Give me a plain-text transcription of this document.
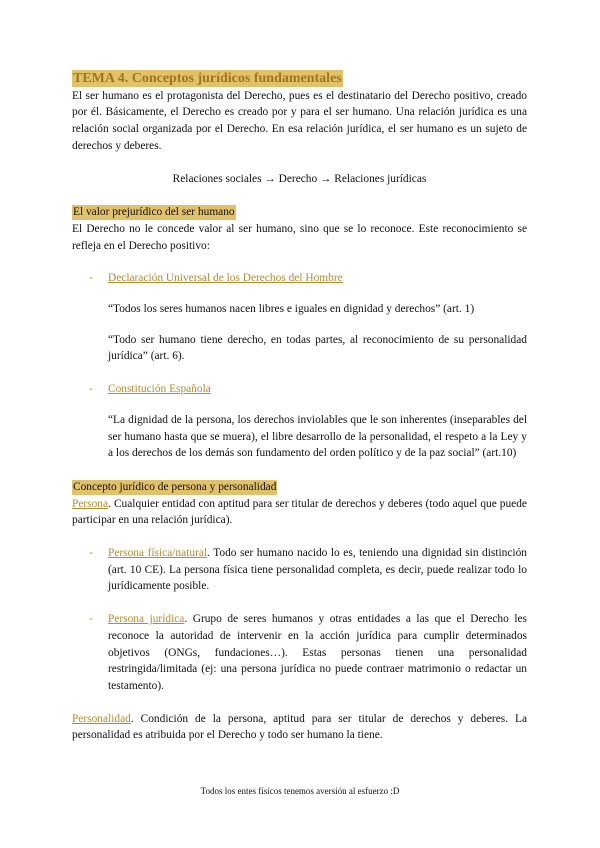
TEMA 4. Conceptos jurídicos fundamentales

El ser humano es el protagonista del Derecho, pues es el destinatario del Derecho positivo, creado por él. Básicamente, el Derecho es creado por y para el ser humano. Una relación jurídica es una relación social organizada por el Derecho. En esa relación jurídica, el ser humano es un sujeto de derechos y deberes.

Relaciones sociales → Derecho → Relaciones jurídicas

El valor prejurídico del ser humano

El Derecho no le concede valor al ser humano, sino que se lo reconoce. Este reconocimiento se refleja en el Derecho positivo:

- Declaración Universal de los Derechos del Hombre

“Todos los seres humanos nacen libres e iguales en dignidad y derechos” (art. 1)

“Todo ser humano tiene derecho, en todas partes, al reconocimiento de su personalidad jurídica” (art. 6).

- Constitución Española

“La dignidad de la persona, los derechos inviolables que le son inherentes (inseparables del ser humano hasta que se muera), el libre desarrollo de la personalidad, el respeto a la Ley y a los derechos de los demás son fundamento del orden político y de la paz social” (art.10)

Concepto jurídico de persona y personalidad

Persona. Cualquier entidad con aptitud para ser titular de derechos y deberes (todo aquel que puede participar en una relación jurídica).

- Persona física/natural. Todo ser humano nacido lo es, teniendo una dignidad sin distinción (art. 10 CE). La persona física tiene personalidad completa, es decir, puede realizar todo lo jurídicamente posible.

- Persona jurídica. Grupo de seres humanos y otras entidades a las que el Derecho les reconoce la autoridad de intervenir en la acción jurídica para cumplir determinados objetivos (ONGs, fundaciones…). Estas personas tienen una personalidad restringida/limitada (ej: una persona jurídica no puede contraer matrimonio o redactar un testamento).

Personalidad. Condición de la persona, aptitud para ser titular de derechos y deberes. La personalidad es atribuida por el Derecho y todo ser humano la tiene.

Todos los entes físicos tenemos aversión al esfuerzo :D
